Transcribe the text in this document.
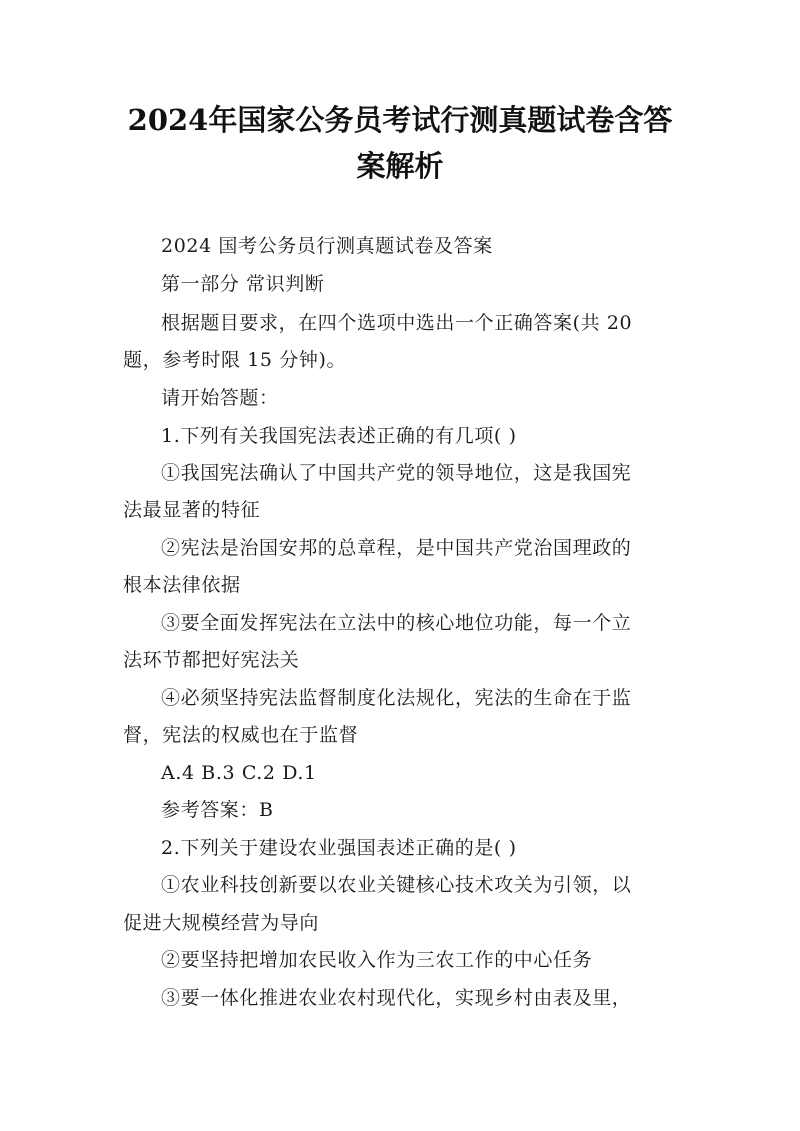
2024年国家公务员考试行测真题试卷含答
案解析
2024 国考公务员行测真题试卷及答案
第一部分 常识判断
根据题目要求，在四个选项中选出一个正确答案(共 20
题，参考时限 15 分钟)。
请开始答题：
1.下列有关我国宪法表述正确的有几项( )
①我国宪法确认了中国共产党的领导地位，这是我国宪
法最显著的特征
②宪法是治国安邦的总章程，是中国共产党治国理政的
根本法律依据
③要全面发挥宪法在立法中的核心地位功能，每一个立
法环节都把好宪法关
④必须坚持宪法监督制度化法规化，宪法的生命在于监
督，宪法的权威也在于监督
A.4 B.3 C.2 D.1
参考答案：B
2.下列关于建设农业强国表述正确的是( )
①农业科技创新要以农业关键核心技术攻关为引领，以
促进大规模经营为导向
②要坚持把增加农民收入作为三农工作的中心任务
③要一体化推进农业农村现代化，实现乡村由表及里，
